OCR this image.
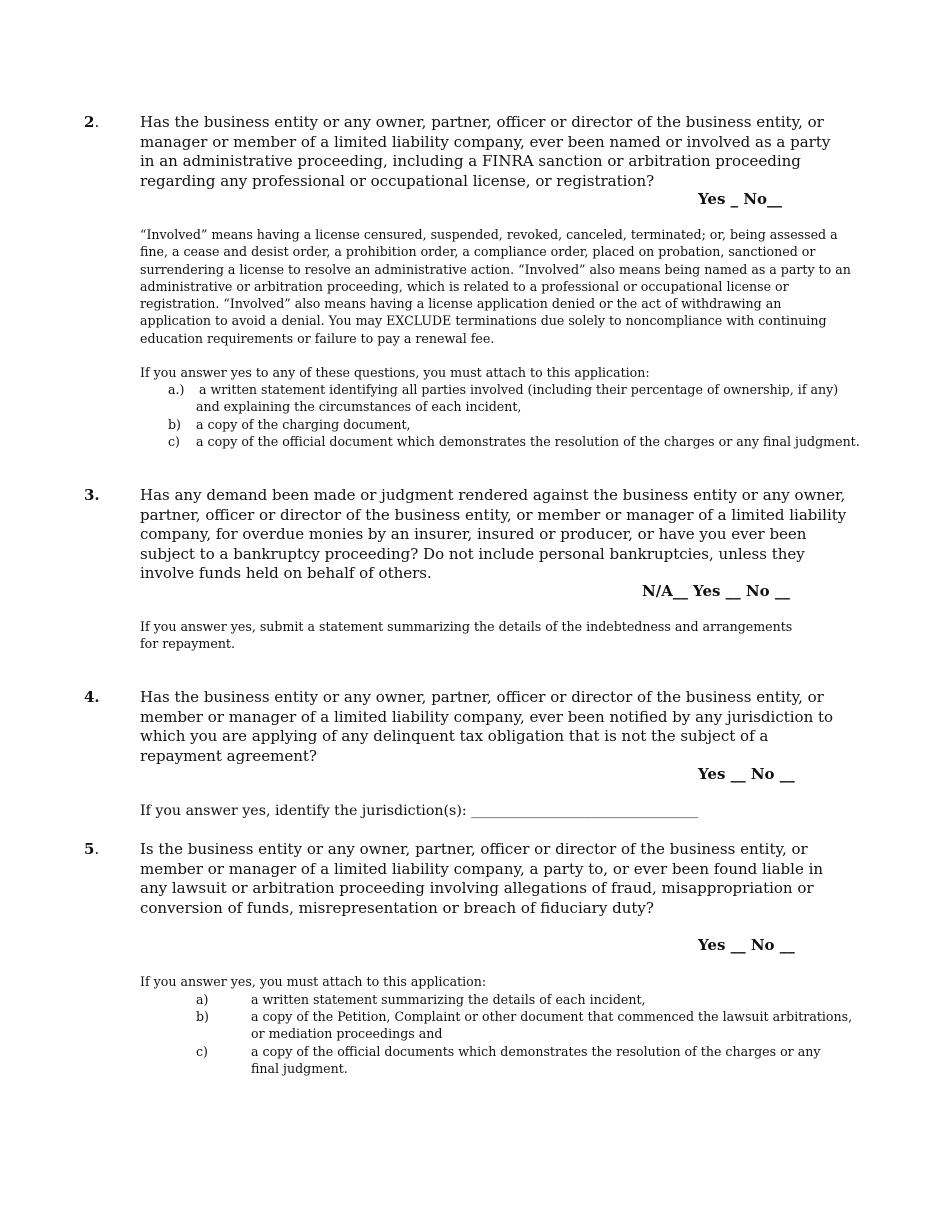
2.	Has the business entity or any owner, partner, officer or director of the business entity, or manager or member of a limited liability company, ever been named or involved as a party in an administrative proceeding, including a FINRA sanction or arbitration proceeding regarding any professional or occupational license, or registration?
Yes _ No__
“Involved” means having a license censured, suspended, revoked, canceled, terminated; or, being assessed a fine, a cease and desist order, a prohibition order, a compliance order, placed on probation, sanctioned or surrendering a license to resolve an administrative action. “Involved” also means being named as a party to an administrative or arbitration proceeding, which is related to a professional or occupational license or registration. “Involved” also means having a license application denied or the act of withdrawing an application to avoid a denial. You may EXCLUDE terminations due solely to noncompliance with continuing education requirements or failure to pay a renewal fee.
If you answer yes to any of these questions, you must attach to this application:
a.) a written statement identifying all parties involved (including their percentage of ownership, if any) and explaining the circumstances of each incident,
b) a copy of the charging document,
c) a copy of the official document which demonstrates the resolution of the charges or any final judgment.
3.	Has any demand been made or judgment rendered against the business entity or any owner, partner, officer or director of the business entity, or member or manager of a limited liability company, for overdue monies by an insurer, insured or producer, or have you ever been subject to a bankruptcy proceeding? Do not include personal bankruptcies, unless they involve funds held on behalf of others.
N/A__ Yes __ No __
If you answer yes, submit a statement summarizing the details of the indebtedness and arrangements for repayment.
4.	Has the business entity or any owner, partner, officer or director of the business entity, or member or manager of a limited liability company, ever been notified by any jurisdiction to which you are applying of any delinquent tax obligation that is not the subject of a repayment agreement?
Yes __ No __
If you answer yes, identify the jurisdiction(s): ________________________________
5.	Is the business entity or any owner, partner, officer or director of the business entity, or member or manager of a limited liability company, a party to, or ever been found liable in any lawsuit or arbitration proceeding involving allegations of fraud, misappropriation or conversion of funds, misrepresentation or breach of fiduciary duty?
Yes __ No __
If you answer yes, you must attach to this application:
a)	a written statement summarizing the details of each incident,
b)	a copy of the Petition, Complaint or other document that commenced the lawsuit arbitrations, or mediation proceedings and
c)	a copy of the official documents which demonstrates the resolution of the charges or any final judgment.
